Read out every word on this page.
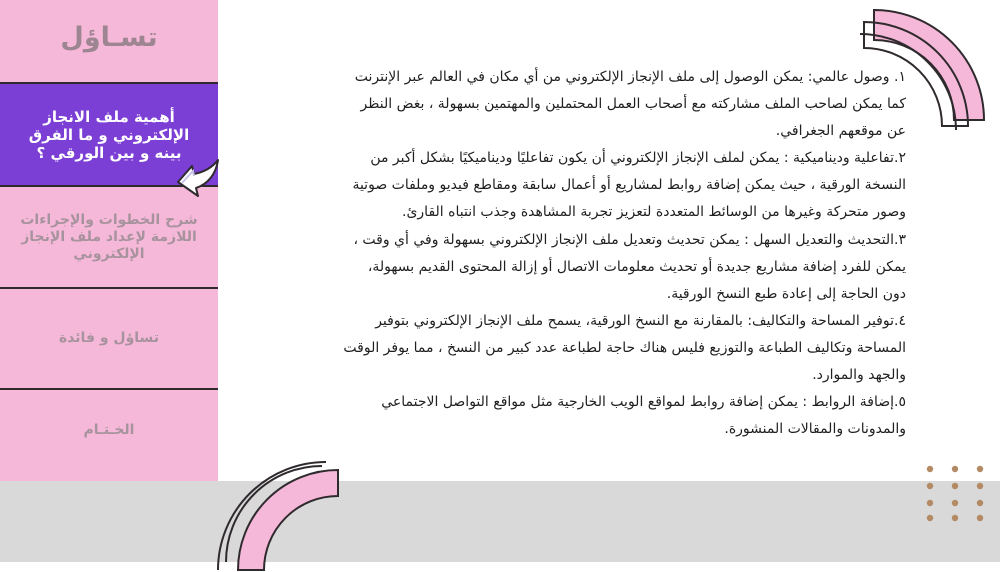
تسـاؤل
أهمية ملف الانجاز الإلكتروني و ما الفرق بينه و بين الورقي ؟
شرح الخطوات والإجراءات اللازمة لإعداد ملف الإنجاز الإلكتروني
تساؤل و فائدة
الخـتـام

١. وصول عالمي: يمكن الوصول إلى ملف الإنجاز الإلكتروني من أي مكان في العالم عبر الإنترنت

كما يمكن لصاحب الملف مشاركته مع أصحاب العمل المحتملين والمهتمين بسهولة ، بغض النظر

عن موقعهم الجغرافي.

٢.تفاعلية وديناميكية : يمكن لملف الإنجاز الإلكتروني أن يكون تفاعليًا وديناميكيًا بشكل أكبر من

النسخة الورقية ، حيث يمكن إضافة روابط لمشاريع أو أعمال سابقة ومقاطع فيديو وملفات صوتية

وصور متحركة وغيرها من الوسائط المتعددة لتعزيز تجربة المشاهدة وجذب انتباه القارئ.

٣.التحديث والتعديل السهل : يمكن تحديث وتعديل ملف الإنجاز الإلكتروني بسهولة وفي أي وقت ،

يمكن للفرد إضافة مشاريع جديدة أو تحديث معلومات الاتصال أو إزالة المحتوى القديم بسهولة،

دون الحاجة إلى إعادة طبع النسخ الورقية.

٤.توفير المساحة والتكاليف: بالمقارنة مع النسخ الورقية، يسمح ملف الإنجاز الإلكتروني بتوفير

المساحة وتكاليف الطباعة والتوزيع فليس هناك حاجة لطباعة عدد كبير من النسخ ، مما يوفر الوقت

والجهد والموارد.

٥.إضافة الروابط : يمكن إضافة روابط لمواقع الويب الخارجية مثل مواقع التواصل الاجتماعي

والمدونات والمقالات المنشورة.
